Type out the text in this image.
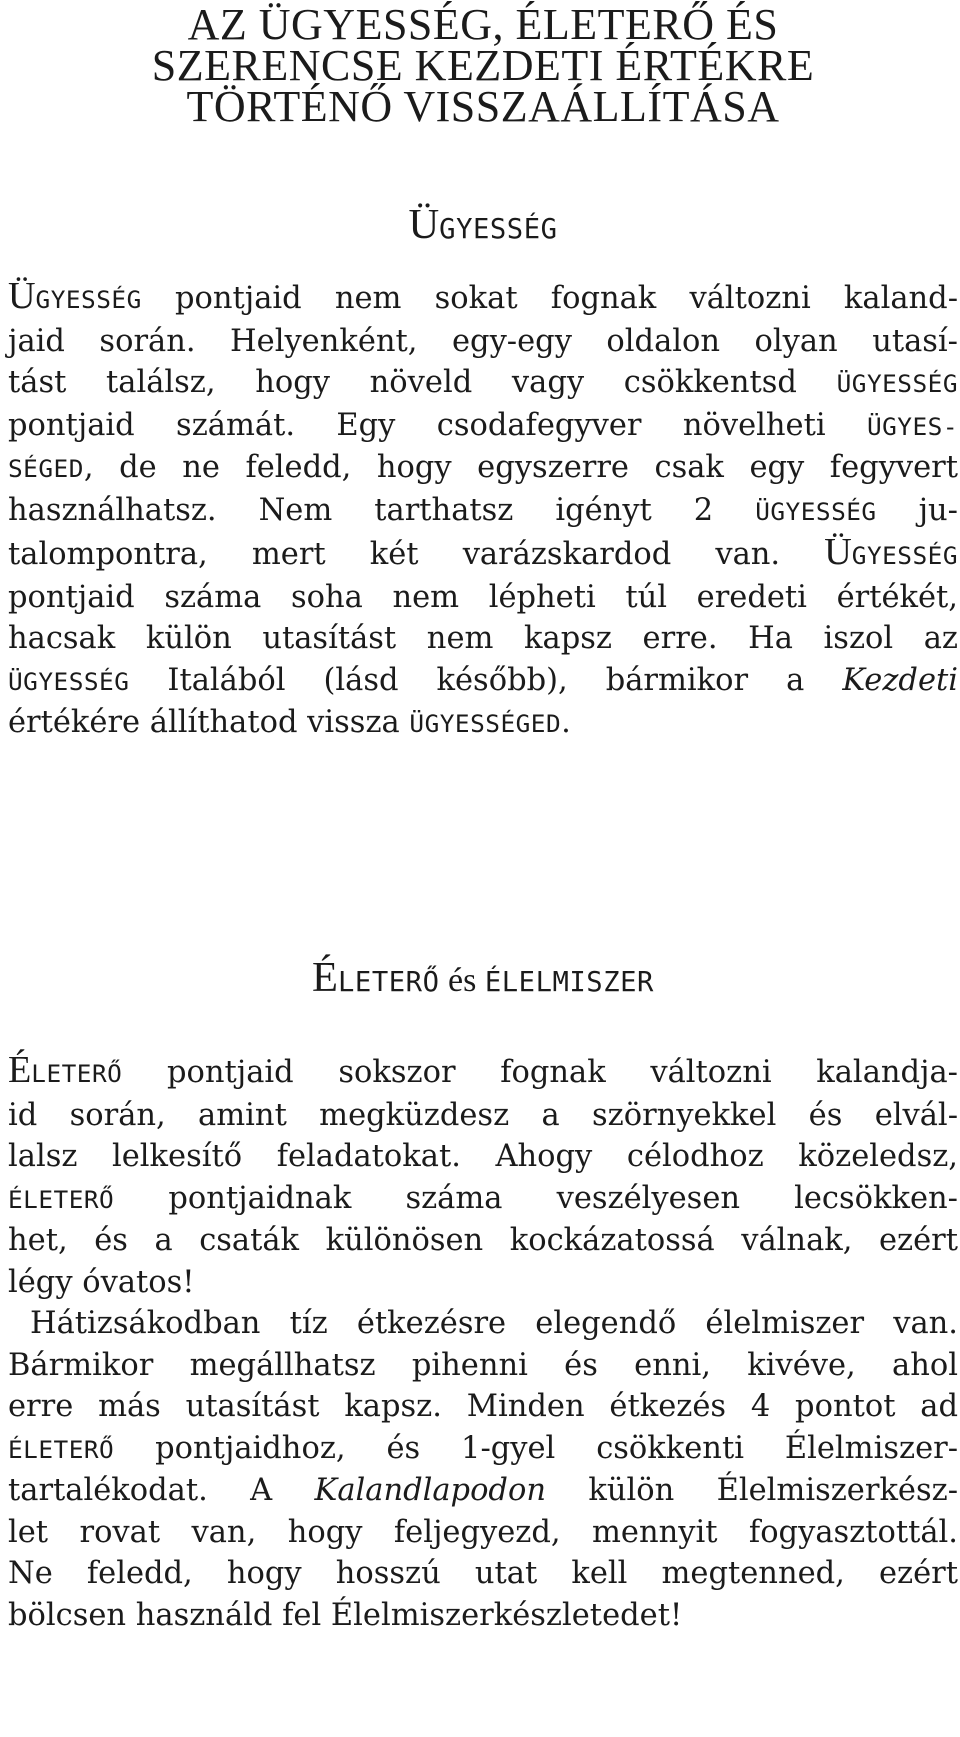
AZ ÜGYESSÉG, ÉLETERŐ ÉS
SZERENCSE KEZDETI ÉRTÉKRE
TÖRTÉNŐ VISSZAÁLLÍTÁSA
ÜGYESSÉG
ÜGYESSÉG pontjaid nem sokat fognak változni kaland-
jaid során. Helyenként, egy-egy oldalon olyan utasí-
tást találsz, hogy növeld vagy csökkentsd ÜGYESSÉG
pontjaid számát. Egy csodafegyver növelheti ÜGYES-
SÉGED, de ne feledd, hogy egyszerre csak egy fegyvert
használhatsz. Nem tarthatsz igényt 2 ÜGYESSÉG ju-
talompontra, mert két varázskardod van. ÜGYESSÉG
pontjaid száma soha nem lépheti túl eredeti értékét,
hacsak külön utasítást nem kapsz erre. Ha iszol az
ÜGYESSÉG Italából (lásd később), bármikor a Kezdeti
értékére állíthatod vissza ÜGYESSÉGED.
ÉLETERŐ és ÉLELMISZER
ÉLETERŐ pontjaid sokszor fognak változni kalandja-
id során, amint megküzdesz a szörnyekkel és elvál-
lalsz lelkesítő feladatokat. Ahogy célodhoz közeledsz,
ÉLETERŐ pontjaidnak száma veszélyesen lecsökken-
het, és a csaták különösen kockázatossá válnak, ezért
légy óvatos!
Hátizsákodban tíz étkezésre elegendő élelmiszer van.
Bármikor megállhatsz pihenni és enni, kivéve, ahol
erre más utasítást kapsz. Minden étkezés 4 pontot ad
ÉLETERŐ pontjaidhoz, és 1-gyel csökkenti Élelmiszer-
tartalékodat. A Kalandlapodon külön Élelmiszerkész-
let rovat van, hogy feljegyezd, mennyit fogyasztottál.
Ne feledd, hogy hosszú utat kell megtenned, ezért
bölcsen használd fel Élelmiszerkészletedet!
